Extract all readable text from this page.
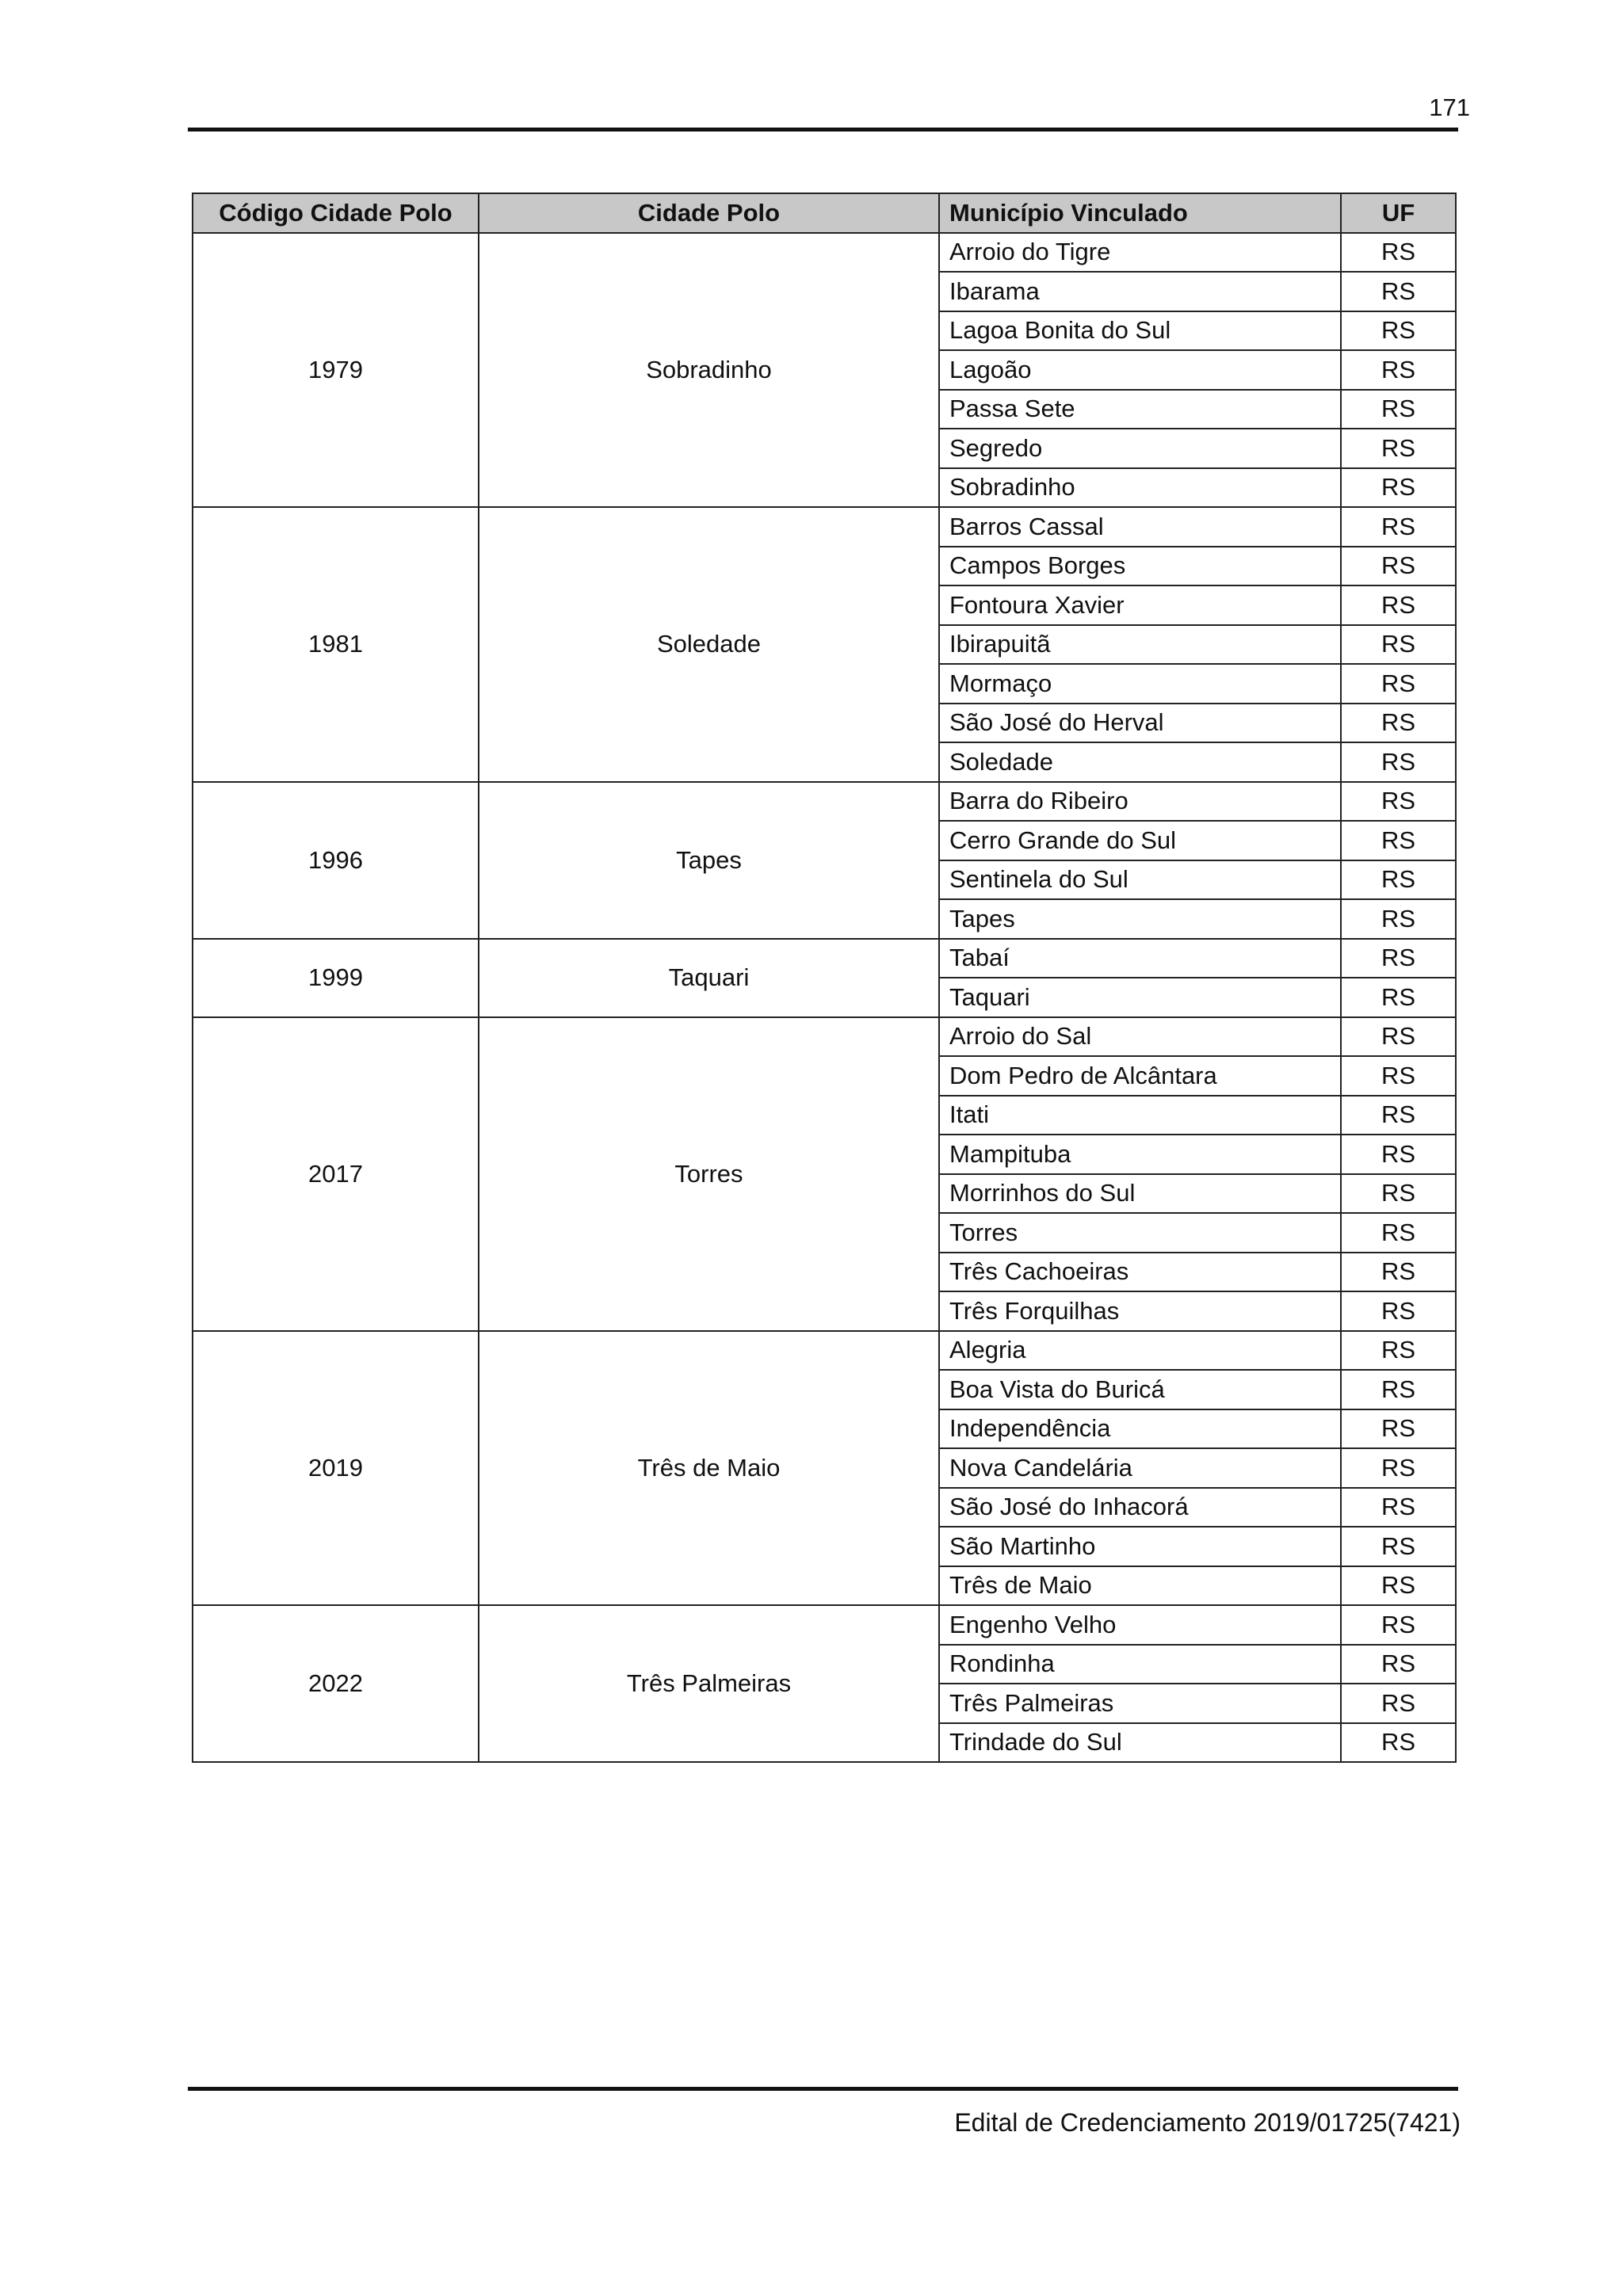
171
Código Cidade Polo	Cidade Polo	Município Vinculado	UF
1979	Sobradinho	Arroio do Tigre	RS
		Ibarama	RS
		Lagoa Bonita do Sul	RS
		Lagoão	RS
		Passa Sete	RS
		Segredo	RS
		Sobradinho	RS
1981	Soledade	Barros Cassal	RS
		Campos Borges	RS
		Fontoura Xavier	RS
		Ibirapuitã	RS
		Mormaço	RS
		São José do Herval	RS
		Soledade	RS
1996	Tapes	Barra do Ribeiro	RS
		Cerro Grande do Sul	RS
		Sentinela do Sul	RS
		Tapes	RS
1999	Taquari	Tabaí	RS
		Taquari	RS
2017	Torres	Arroio do Sal	RS
		Dom Pedro de Alcântara	RS
		Itati	RS
		Mampituba	RS
		Morrinhos do Sul	RS
		Torres	RS
		Três Cachoeiras	RS
		Três Forquilhas	RS
2019	Três de Maio	Alegria	RS
		Boa Vista do Buricá	RS
		Independência	RS
		Nova Candelária	RS
		São José do Inhacorá	RS
		São Martinho	RS
		Três de Maio	RS
2022	Três Palmeiras	Engenho Velho	RS
		Rondinha	RS
		Três Palmeiras	RS
		Trindade do Sul	RS
Edital de Credenciamento 2019/01725(7421)
